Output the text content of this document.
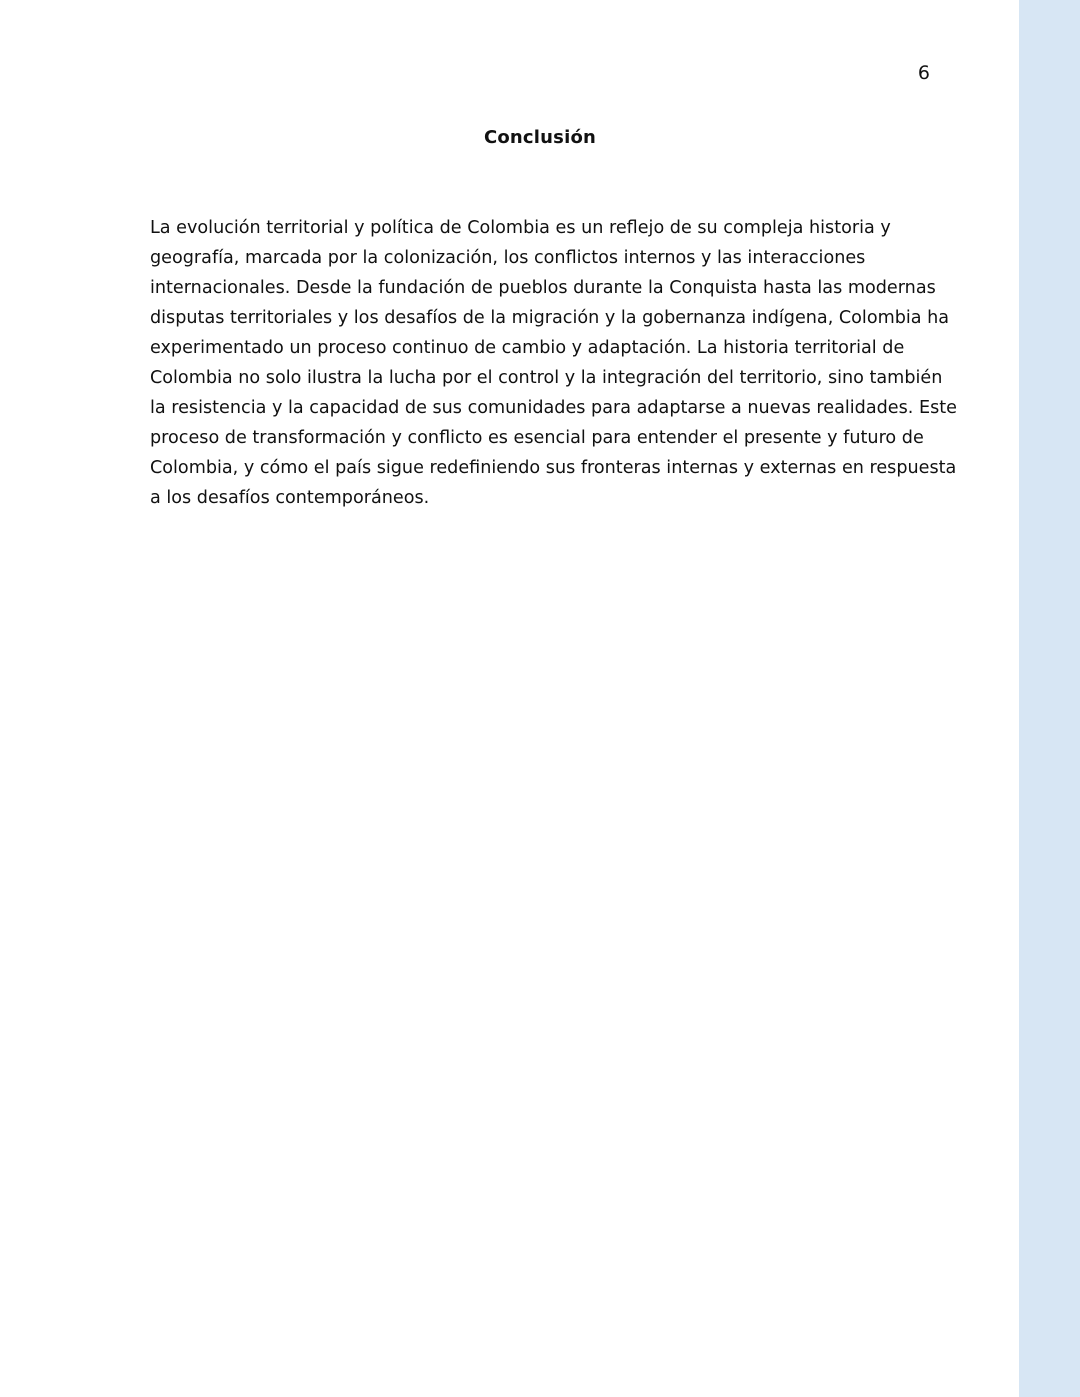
6
Conclusión

La evolución territorial y política de Colombia es un reflejo de su compleja historia y
geografía, marcada por la colonización, los conflictos internos y las interacciones
internacionales. Desde la fundación de pueblos durante la Conquista hasta las modernas
disputas territoriales y los desafíos de la migración y la gobernanza indígena, Colombia ha
experimentado un proceso continuo de cambio y adaptación. La historia territorial de
Colombia no solo ilustra la lucha por el control y la integración del territorio, sino también
la resistencia y la capacidad de sus comunidades para adaptarse a nuevas realidades. Este
proceso de transformación y conflicto es esencial para entender el presente y futuro de
Colombia, y cómo el país sigue redefiniendo sus fronteras internas y externas en respuesta
a los desafíos contemporáneos.
